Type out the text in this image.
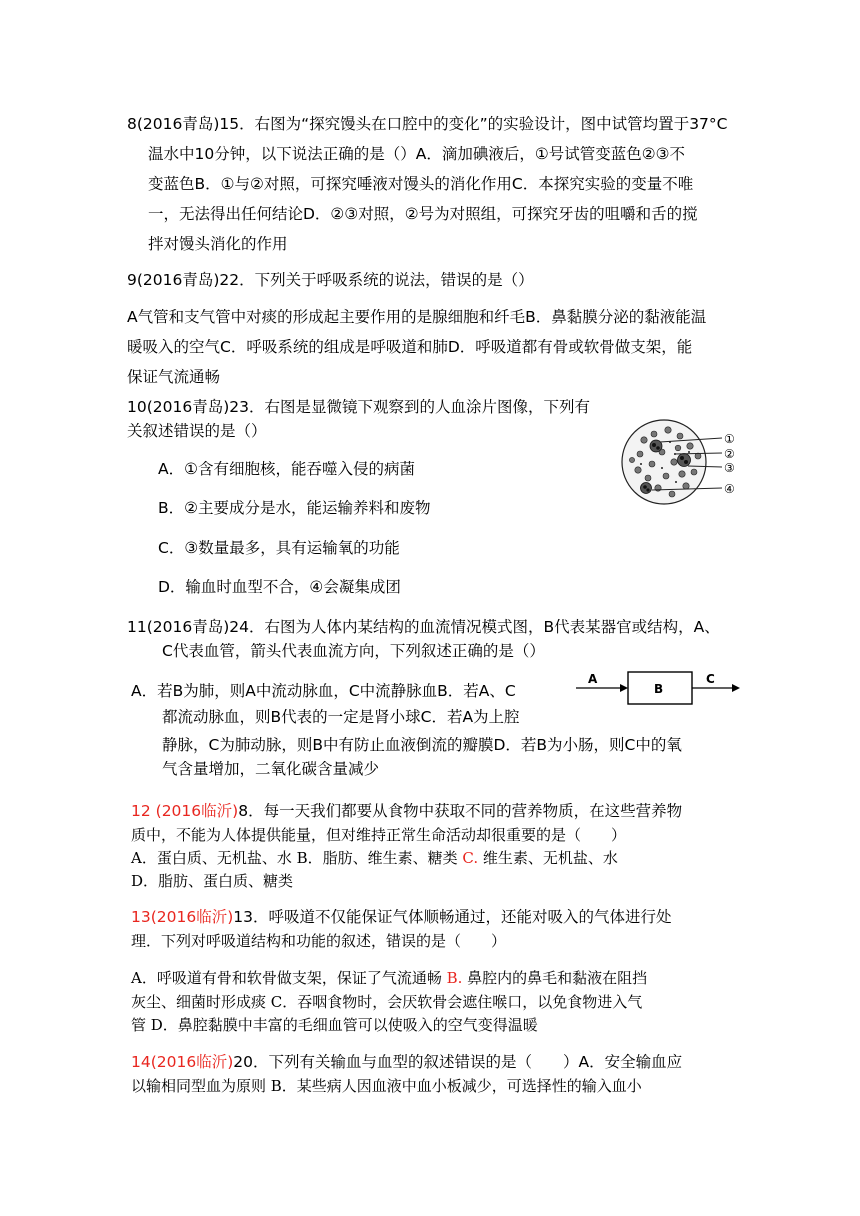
8(2016青岛)15．右图为“探究馒头在口腔中的变化”的实验设计，图中试管均置于37°C
温水中10分钟，以下说法正确的是（）A．滴加碘液后，①号试管变蓝色②③不
变蓝色B．①与②对照，可探究唾液对馒头的消化作用C．本探究实验的变量不唯
一，无法得出任何结论D．②③对照，②号为对照组，可探究牙齿的咀嚼和舌的搅
拌对馒头消化的作用
9(2016青岛)22．下列关于呼吸系统的说法，错误的是（）
A气管和支气管中对痰的形成起主要作用的是腺细胞和纤毛B．鼻黏膜分泌的黏液能温
暖吸入的空气C．呼吸系统的组成是呼吸道和肺D．呼吸道都有骨或软骨做支架，能
保证气流通畅
10(2016青岛)23．右图是显微镜下观察到的人血涂片图像，下列有
关叙述错误的是（）
A．①含有细胞核，能吞噬入侵的病菌
B．②主要成分是水，能运输养料和废物
C．③数量最多，具有运输氧的功能
D．输血时血型不合，④会凝集成团
①
②
③
④
11(2016青岛)24．右图为人体内某结构的血流情况模式图，B代表某器官或结构，A、
C代表血管，箭头代表血流方向，下列叙述正确的是（）
A．若B为肺，则A中流动脉血，C中流静脉血B．若A、C
都流动脉血，则B代表的一定是肾小球C．若A为上腔
静脉，C为肺动脉，则B中有防止血液倒流的瓣膜D．若B为小肠，则C中的氧
气含量增加，二氧化碳含量减少
A
B
C
12 (2016临沂)8．每一天我们都要从食物中获取不同的营养物质，在这些营养物
质中，不能为人体提供能量，但对维持正常生命活动却很重要的是（　　）
A．蛋白质、无机盐、水 B．脂肪、维生素、糖类 C. 维生素、无机盐、水
D．脂肪、蛋白质、糖类
13(2016临沂)13．呼吸道不仅能保证气体顺畅通过，还能对吸入的气体进行处
理．下列对呼吸道结构和功能的叙述，错误的是（　　）
A．呼吸道有骨和软骨做支架，保证了气流通畅 B. 鼻腔内的鼻毛和黏液在阻挡
灰尘、细菌时形成痰 C．吞咽食物时，会厌软骨会遮住喉口，以免食物进入气
管 D．鼻腔黏膜中丰富的毛细血管可以使吸入的空气变得温暖
14(2016临沂)20．下列有关输血与血型的叙述错误的是（　　）A．安全输血应
以输相同型血为原则 B．某些病人因血液中血小板减少，可选择性的输入血小
